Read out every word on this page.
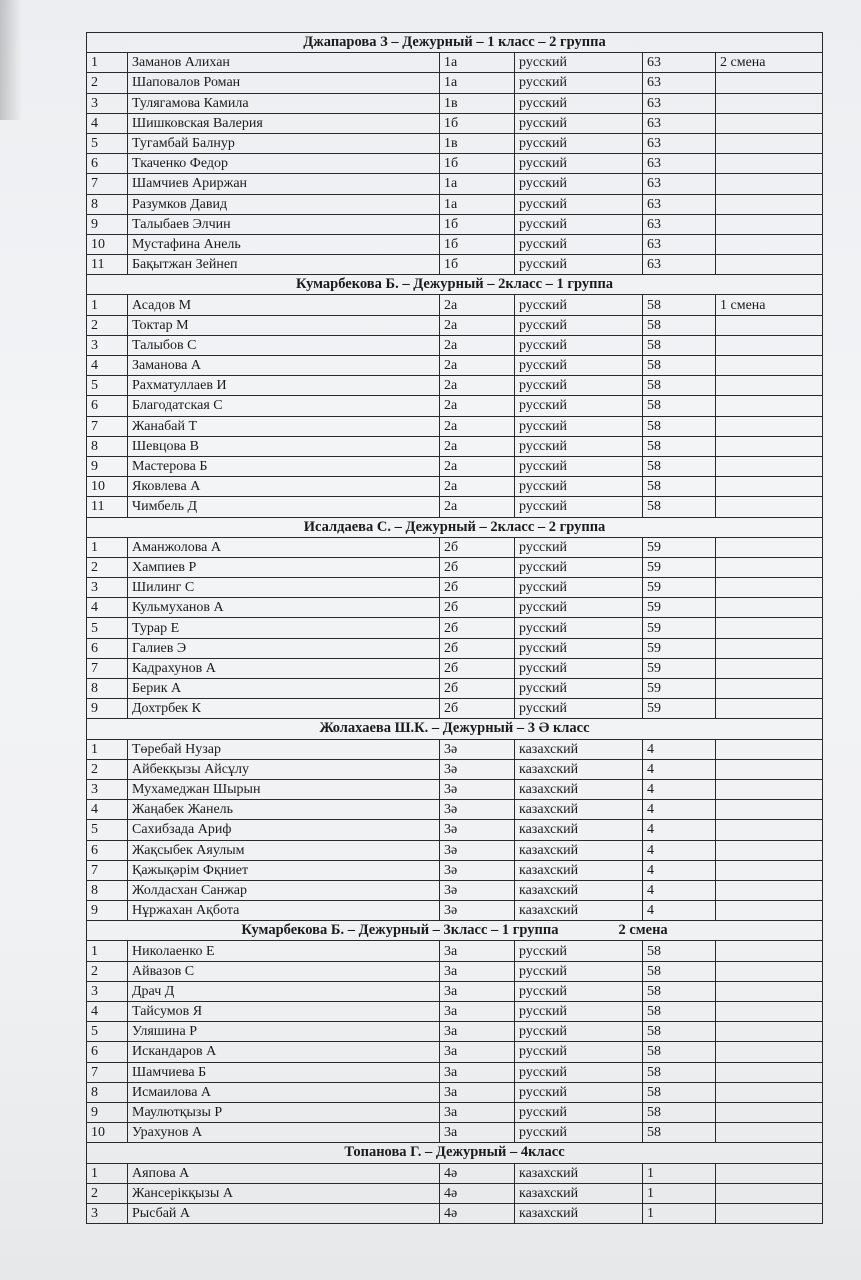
Джапарова З – Дежурный – 1 класс – 2 группа					
1	Заманов Алихан	1а	русский	63	2 смена
2	Шаповалов Роман	1а	русский	63	
3	Тулягамова Камила	1в	русский	63	
4	Шишковская Валерия	1б	русский	63	
5	Тугамбай Балнур	1в	русский	63	
6	Ткаченко Федор	1б	русский	63	
7	Шамчиев Ариржан	1а	русский	63	
8	Разумков Давид	1а	русский	63	
9	Талыбаев Элчин	1б	русский	63	
10	Мустафина Анель	1б	русский	63	
11	Бақытжан Зейнеп	1б	русский	63	
Кумарбекова Б. – Дежурный – 2класс – 1 группа					
1	Асадов М	2а	русский	58	1 смена
2	Токтар М	2а	русский	58	
3	Талыбов С	2а	русский	58	
4	Заманова А	2а	русский	58	
5	Рахматуллаев И	2а	русский	58	
6	Благодатская С	2а	русский	58	
7	Жанабай Т	2а	русский	58	
8	Шевцова В	2а	русский	58	
9	Мастерова Б	2а	русский	58	
10	Яковлева А	2а	русский	58	
11	Чимбель Д	2а	русский	58	
Исалдаева С. – Дежурный – 2класс – 2 группа					
1	Аманжолова А	2б	русский	59	
2	Хампиев Р	2б	русский	59	
3	Шилинг С	2б	русский	59	
4	Кульмуханов А	2б	русский	59	
5	Турар Е	2б	русский	59	
6	Галиев Э	2б	русский	59	
7	Кадрахунов А	2б	русский	59	
8	Берик А	2б	русский	59	
9	Дохтрбек К	2б	русский	59	
Жолахаева Ш.К. – Дежурный – 3 Ә класс					
1	Төребай Нузар	3ә	казахский	4	
2	Айбекқызы Айсұлу	3ә	казахский	4	
3	Мухамеджан Шырын	3ә	казахский	4	
4	Жаңабек Жанель	3ә	казахский	4	
5	Сахибзада Ариф	3ә	казахский	4	
6	Жақсыбек Аяулым	3ә	казахский	4	
7	Қажықәрім Фқниет	3ә	казахский	4	
8	Жолдасхан Санжар	3ә	казахский	4	
9	Нұржахан Ақбота	3ә	казахский	4	
Кумарбекова Б. – Дежурный – 3класс – 1 группа 2 смена					
1	Николаенко Е	3а	русский	58	
2	Айвазов С	3а	русский	58	
3	Драч Д	3а	русский	58	
4	Тайсумов Я	3а	русский	58	
5	Уляшина Р	3а	русский	58	
6	Искандаров А	3а	русский	58	
7	Шамчиева Б	3а	русский	58	
8	Исмаилова А	3а	русский	58	
9	Маулютқызы Р	3а	русский	58	
10	Урахунов А	3а	русский	58	
Топанова Г. – Дежурный – 4класс					
1	Аяпова А	4ә	казахский	1	
2	Жансерікқызы А	4ә	казахский	1	
3	Рысбай А	4ә	казахский	1	
